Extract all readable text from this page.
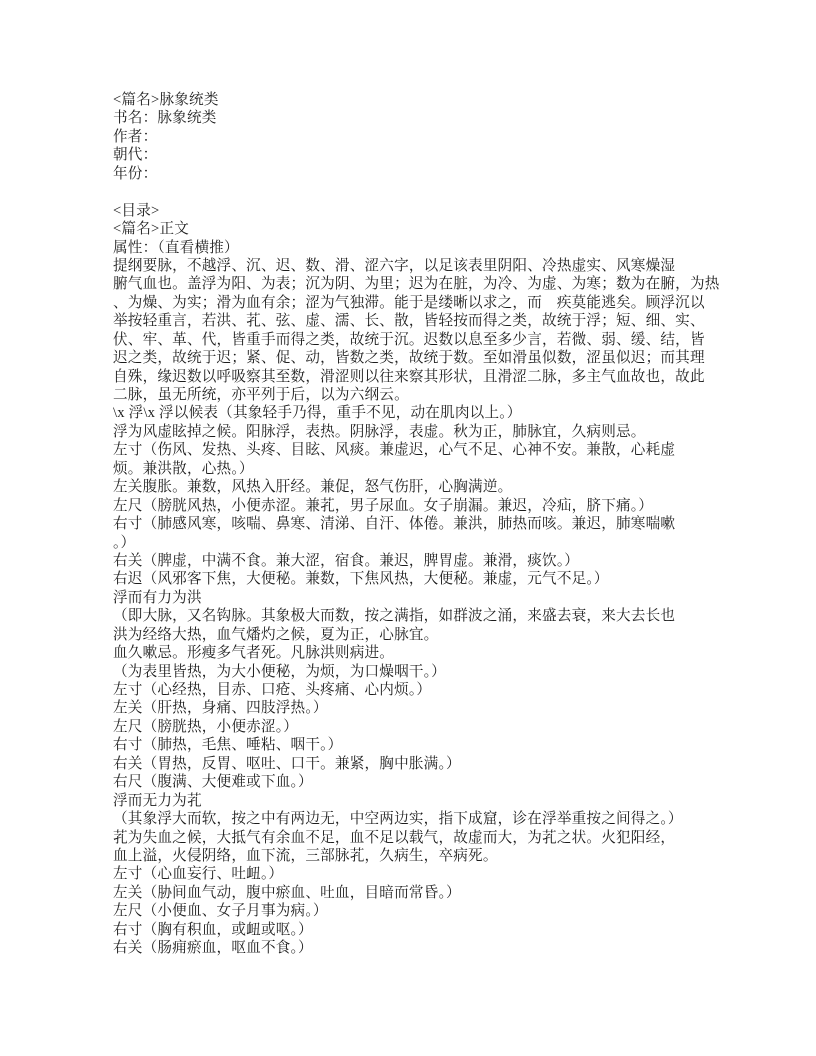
<篇名>脉象统类
书名：脉象统类
作者：
朝代：
年份：
<目录>
<篇名>正文
属性：（直看横推）
提纲要脉，不越浮、沉、迟、数、滑、涩六字，以足该表里阴阳、冷热虚实、风寒燥湿
腑气血也。盖浮为阳、为表；沉为阴、为里；迟为在脏，为冷、为虚、为寒；数为在腑，为热
、为燥、为实；滑为血有余；涩为气独滞。能于是缕晰以求之，而　疾莫能逃矣。顾浮沉以
举按轻重言，若洪、芤、弦、虚、濡、长、散，皆轻按而得之类，故统于浮；短、细、实、
伏、牢、革、代，皆重手而得之类，故统于沉。迟数以息至多少言，若微、弱、缓、结，皆
迟之类，故统于迟；紧、促、动，皆数之类，故统于数。至如滑虽似数，涩虽似迟；而其理
自殊，缘迟数以呼吸察其至数，滑涩则以往来察其形状，且滑涩二脉，多主气血故也，故此
二脉，虽无所统，亦平列于后，以为六纲云。
\x 浮\x 浮以候表（其象轻手乃得，重手不见，动在肌肉以上。）
浮为风虚眩掉之候。阳脉浮，表热。阴脉浮，表虚。秋为正，肺脉宜，久病则忌。
左寸（伤风、发热、头疼、目眩、风痰。兼虚迟，心气不足、心神不安。兼散，心耗虚
烦。兼洪散，心热。）
左关腹胀。兼数，风热入肝经。兼促，怒气伤肝，心胸满逆。
左尺（膀胱风热，小便赤涩。兼芤，男子尿血。女子崩漏。兼迟，冷疝，脐下痛。）
右寸（肺感风寒，咳喘、鼻寒、清涕、自汗、体倦。兼洪，肺热而咳。兼迟，肺寒喘嗽
。）
右关（脾虚，中满不食。兼大涩，宿食。兼迟，脾胃虚。兼滑，痰饮。）
右迟（风邪客下焦，大便秘。兼数，下焦风热，大便秘。兼虚，元气不足。）
浮而有力为洪
（即大脉，又名钩脉。其象极大而数，按之满指，如群波之涌，来盛去衰，来大去长也
洪为经络大热，血气燔灼之候，夏为正，心脉宜。
血久嗽忌。形瘦多气者死。凡脉洪则病进。
（为表里皆热，为大小便秘，为烦，为口燥咽干。）
左寸（心经热，目赤、口疮、头疼痛、心内烦。）
左关（肝热，身痛、四肢浮热。）
左尺（膀胱热，小便赤涩。）
右寸（肺热，毛焦、唾粘、咽干。）
右关（胃热，反胃、呕吐、口干。兼紧，胸中胀满。）
右尺（腹满、大便难或下血。）
浮而无力为芤
（其象浮大而软，按之中有两边无，中空两边实，指下成窟，诊在浮举重按之间得之。）
芤为失血之候，大抵气有余血不足，血不足以载气，故虚而大，为芤之状。火犯阳经，
血上溢，火侵阴络，血下流，三部脉芤，久病生，卒病死。
左寸（心血妄行、吐衄。）
左关（胁间血气动，腹中瘀血、吐血，目暗而常昏。）
左尺（小便血、女子月事为病。）
右寸（胸有积血，或衄或呕。）
右关（肠痈瘀血，呕血不食。）
